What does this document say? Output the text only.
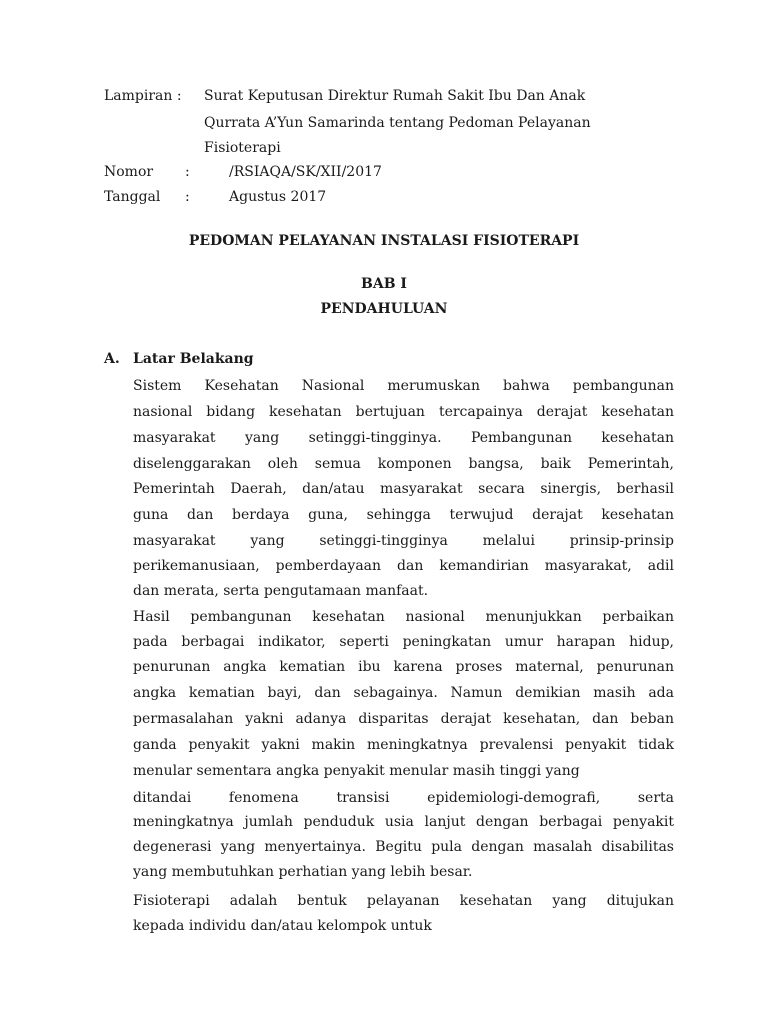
Lampiran : Surat Keputusan Direktur Rumah Sakit Ibu Dan Anak
Qurrata A’Yun Samarinda tentang Pedoman Pelayanan
Fisioterapi
Nomor :	/RSIAQA/SK/XII/2017
Tanggal :	Agustus 2017
PEDOMAN PELAYANAN INSTALASI FISIOTERAPI
BAB I
PENDAHULUAN
A. Latar Belakang
Sistem Kesehatan Nasional merumuskan bahwa pembangunan
nasional bidang kesehatan bertujuan tercapainya derajat kesehatan
masyarakat yang setinggi-tingginya. Pembangunan kesehatan
diselenggarakan oleh semua komponen bangsa, baik Pemerintah,
Pemerintah Daerah, dan/atau masyarakat secara sinergis, berhasil
guna dan berdaya guna, sehingga terwujud derajat kesehatan
masyarakat yang setinggi-tingginya melalui prinsip-prinsip
perikemanusiaan, pemberdayaan dan kemandirian masyarakat, adil
dan merata, serta pengutamaan manfaat.
Hasil pembangunan kesehatan nasional menunjukkan perbaikan
pada berbagai indikator, seperti peningkatan umur harapan hidup,
penurunan angka kematian ibu karena proses maternal, penurunan
angka kematian bayi, dan sebagainya. Namun demikian masih ada
permasalahan yakni adanya disparitas derajat kesehatan, dan beban
ganda penyakit yakni makin meningkatnya prevalensi penyakit tidak
menular sementara angka penyakit menular masih tinggi yang
ditandai fenomena transisi epidemiologi-demografi, serta
meningkatnya jumlah penduduk usia lanjut dengan berbagai penyakit
degenerasi yang menyertainya. Begitu pula dengan masalah disabilitas
yang membutuhkan perhatian yang lebih besar.
Fisioterapi adalah bentuk pelayanan kesehatan yang ditujukan
kepada individu dan/atau kelompok untuk
